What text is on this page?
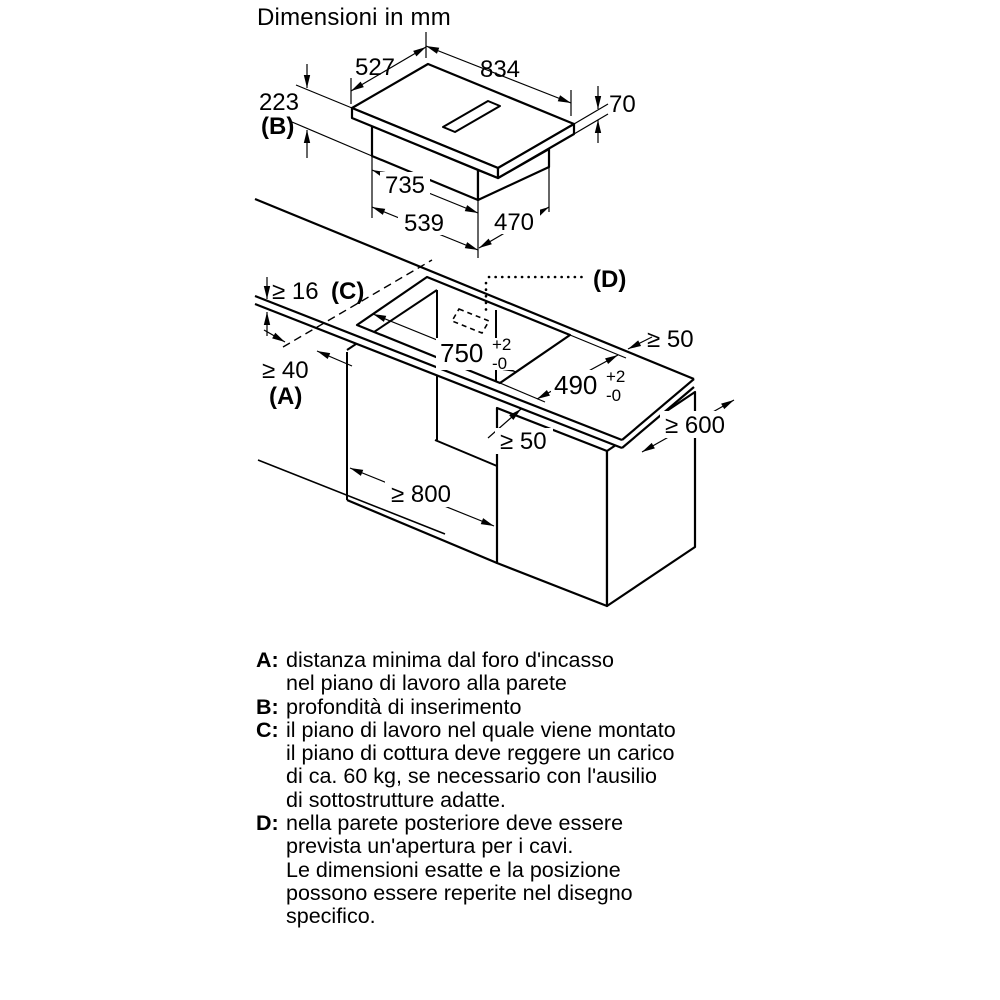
Dimensioni in mm
527	834
223
(B)
70
735
539 470
≥ 16 (C)
≥ 40
(A)
750 +2
-0
490 +2
-0
≥ 50
≥ 600
≥ 50
≥ 800
(D)
A: distanza minima dal foro d'incasso
nel piano di lavoro alla parete
B: profondità di inserimento
C: il piano di lavoro nel quale viene montato
il piano di cottura deve reggere un carico
di ca. 60 kg, se necessario con l'ausilio
di sottostrutture adatte.
D: nella parete posteriore deve essere
prevista un'apertura per i cavi.
Le dimensioni esatte e la posizione
possono essere reperite nel disegno
specifico.
